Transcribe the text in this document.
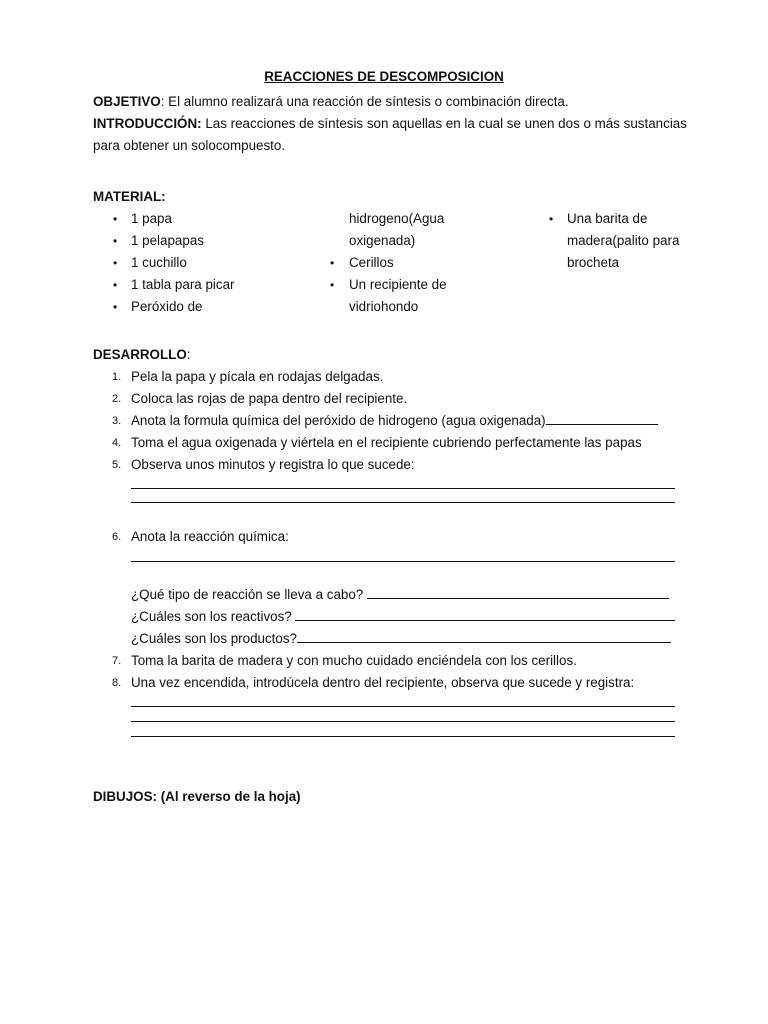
REACCIONES DE DESCOMPOSICION
OBJETIVO: El alumno realizará una reacción de síntesis o combinación directa.
INTRODUCCIÓN: Las reacciones de síntesis son aquellas en la cual se unen dos o más sustancias
para obtener un solocompuesto.
MATERIAL:
• 1 papa
• 1 pelapapas
• 1 cuchillo
• 1 tabla para picar
• Peróxido de
hidrogeno(Agua
oxigenada)
• Cerillos
• Un recipiente de
vidriohondo
• Una barita de
madera(palito para
brocheta
DESARROLLO:
1. Pela la papa y pícala en rodajas delgadas.
2. Coloca las rojas de papa dentro del recipiente.
3. Anota la formula química del peróxido de hidrogeno (agua oxigenada)
4. Toma el agua oxigenada y viértela en el recipiente cubriendo perfectamente las papas
5. Observa unos minutos y registra lo que sucede:
6. Anota la reacción química:
¿Qué tipo de reacción se lleva a cabo?
¿Cuáles son los reactivos?
¿Cuáles son los productos?
7. Toma la barita de madera y con mucho cuidado enciéndela con los cerillos.
8. Una vez encendida, introdúcela dentro del recipiente, observa que sucede y registra:
DIBUJOS: (Al reverso de la hoja)
